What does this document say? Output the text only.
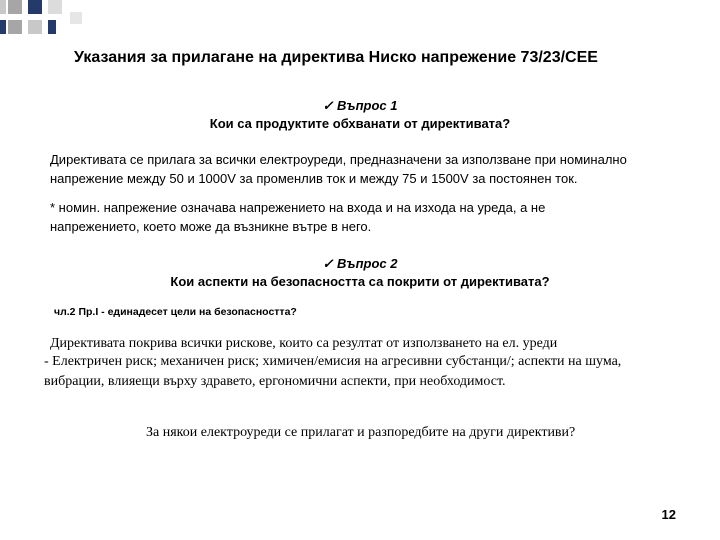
Указания за прилагане на директива Ниско напрежение 73/23/CEE
✓ Въпрос 1
Кои са продуктите обхванати от директивата?
Директивата се прилага за всички електроуреди, предназначени за използване при номинално
напрежение между 50 и 1000V за променлив ток и между 75 и 1500V за постоянен ток.
* номин. напрежение означава напрежението на входа и на изхода на уреда, а не
напрежението, което може да възникне вътре в него.
✓ Въпрос 2
Кои аспекти на безопасността са покрити от директивата?
чл.2 Пр.I - единадесет цели на безопасността?
Директивата покрива всички рискове, които са резултат от използването на ел. уреди
- Електричен риск; механичен риск; химичен/емисия на агресивни субстанци/; аспекти на шума,
вибрации, влияещи върху здравето, ергономични аспекти, при необходимост.
За някои електроуреди се прилагат и разпоредбите на други директиви?
12
